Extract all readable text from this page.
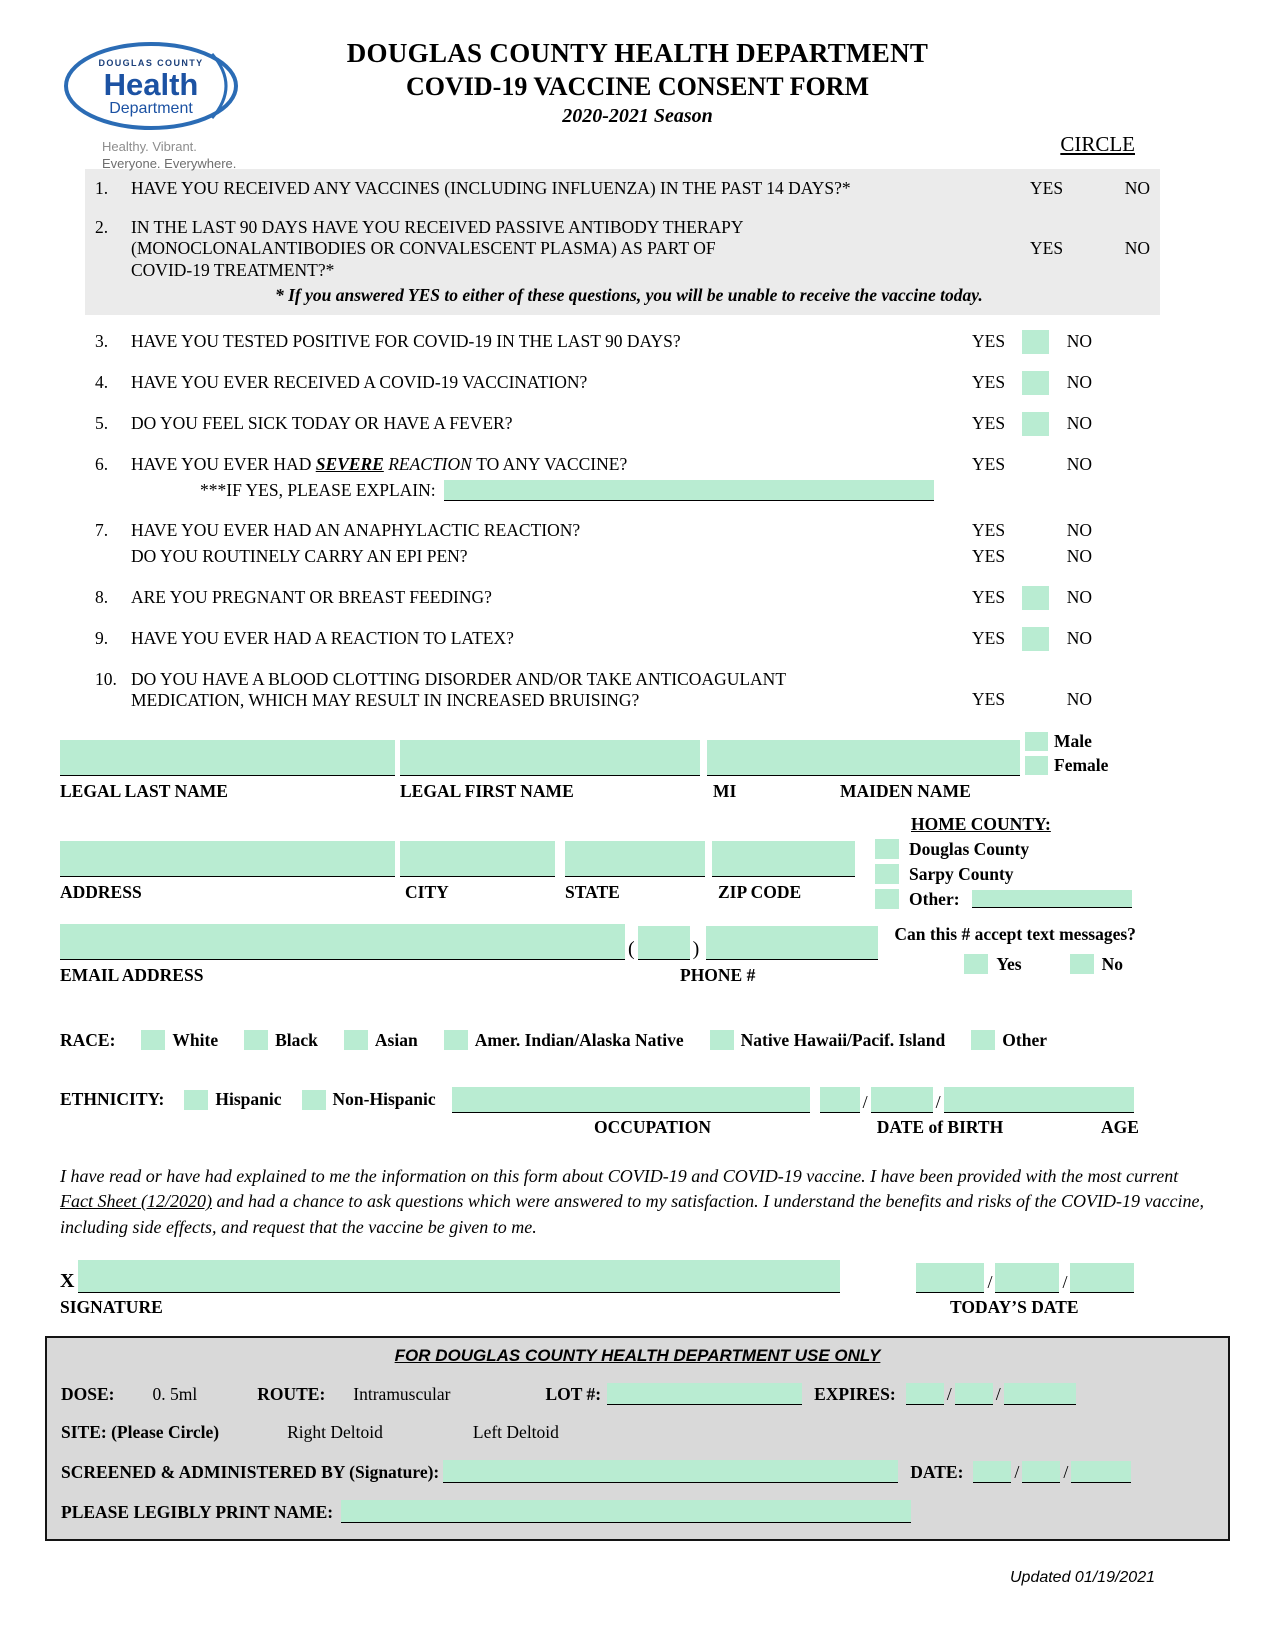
DOUGLAS COUNTY
Health
Department
Healthy. Vibrant.
Everyone. Everywhere.
DOUGLAS COUNTY HEALTH DEPARTMENT
COVID-19 VACCINE CONSENT FORM
2020-2021 Season
CIRCLE
1.	HAVE YOU RECEIVED ANY VACCINES (INCLUDING INFLUENZA) IN THE PAST 14 DAYS?*	YES	NO
2.	IN THE LAST 90 DAYS HAVE YOU RECEIVED PASSIVE ANTIBODY THERAPY
(MONOCLONALANTIBODIES OR CONVALESCENT PLASMA) AS PART OF
COVID-19 TREATMENT?*
YES	NO
* If you answered YES to either of these questions, you will be unable to receive the vaccine today.
3.	HAVE YOU TESTED POSITIVE FOR COVID-19 IN THE LAST 90 DAYS?	YES	NO
4.	HAVE YOU EVER RECEIVED A COVID-19 VACCINATION?	YES	NO
5.	DO YOU FEEL SICK TODAY OR HAVE A FEVER?	YES	NO
6.	HAVE YOU EVER HAD SEVERE REACTION TO ANY VACCINE?	YES	NO
***IF YES, PLEASE EXPLAIN:
7.	HAVE YOU EVER HAD AN ANAPHYLACTIC REACTION?	YES	NO
DO YOU ROUTINELY CARRY AN EPI PEN?	YES	NO
8.	ARE YOU PREGNANT OR BREAST FEEDING?	YES	NO
9.	HAVE YOU EVER HAD A REACTION TO LATEX?	YES	NO
10. DO YOU HAVE A BLOOD CLOTTING DISORDER AND/OR TAKE ANTICOAGULANT
MEDICATION, WHICH MAY RESULT IN INCREASED BRUISING?	YES	NO
Male
Female
LEGAL LAST NAME	LEGAL FIRST NAME	MI	MAIDEN NAME
ADDRESS	CITY	STATE	ZIP CODE
HOME COUNTY:
Douglas County
Sarpy County
Other:
(	)
EMAIL ADDRESS	PHONE #
Can this # accept text messages?
Yes	No
RACE:	White	Black	Asian	Amer. Indian/Alaska Native	Native Hawaii/Pacif. Island	Other
ETHNICITY:	Hispanic	Non-Hispanic	/	/
OCCUPATION	DATE of BIRTH	AGE
I have read or have had explained to me the information on this form about COVID-19 and COVID-19 vaccine. I have been provided with the most current Fact Sheet (12/2020) and had a chance to ask questions which were answered to my satisfaction. I understand the benefits and risks of the COVID-19 vaccine, including side effects, and request that the vaccine be given to me.
X	/	/
SIGNATURE	TODAY’S DATE
FOR DOUGLAS COUNTY HEALTH DEPARTMENT USE ONLY
DOSE: 0. 5ml	ROUTE: Intramuscular	LOT #:	EXPIRES:	/ /
SITE: (Please Circle)	Right Deltoid	Left Deltoid
SCREENED & ADMINISTERED BY (Signature):	DATE:	/ /
PLEASE LEGIBLY PRINT NAME:
Updated 01/19/2021
